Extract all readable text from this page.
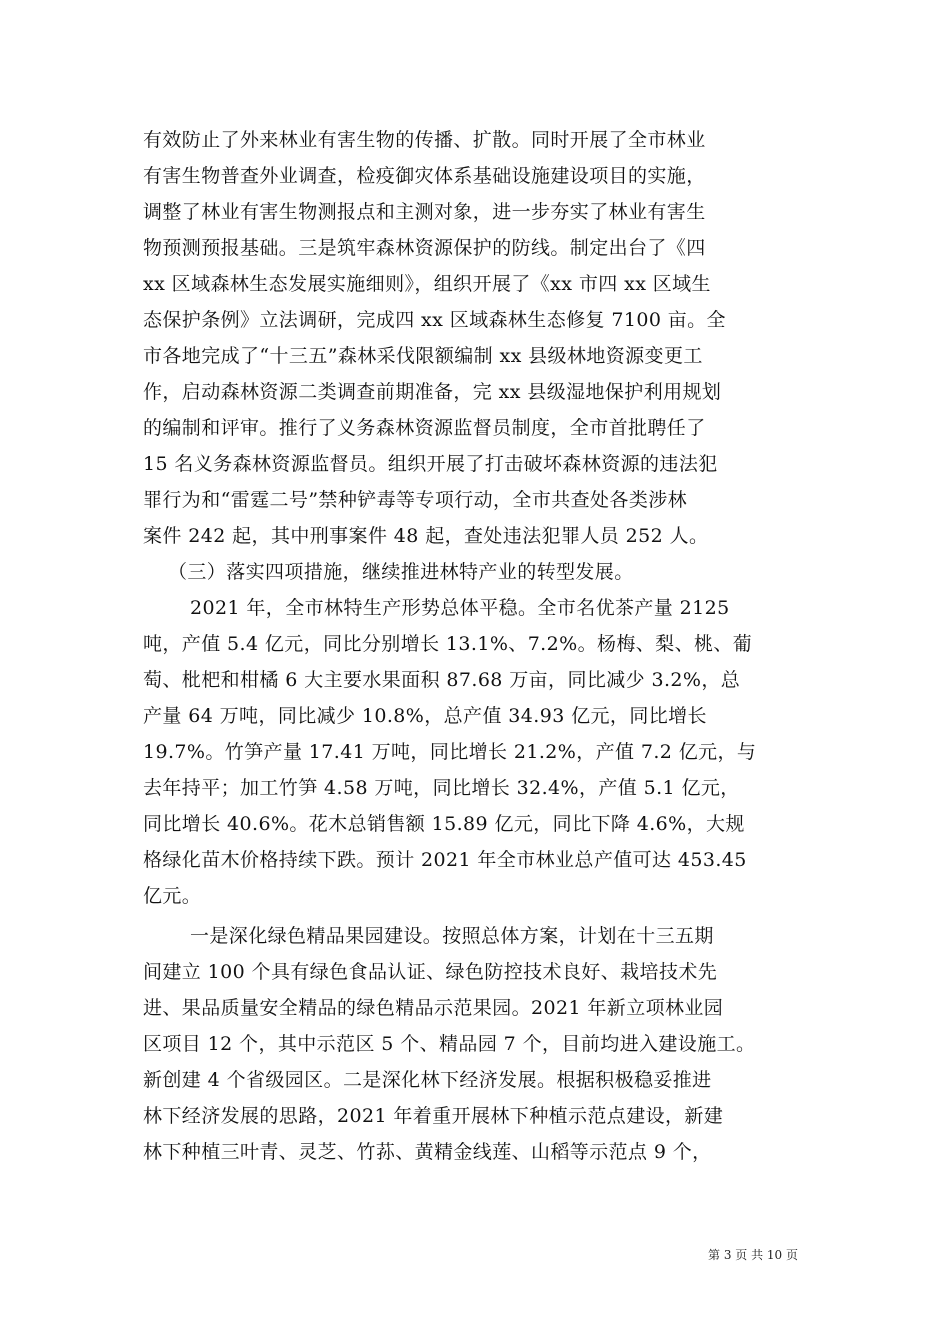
有效防止了外来林业有害生物的传播、扩散。同时开展了全市林业
有害生物普查外业调查，检疫御灾体系基础设施建设项目的实施，
调整了林业有害生物测报点和主测对象，进一步夯实了林业有害生
物预测预报基础。三是筑牢森林资源保护的防线。制定出台了《四
xx 区域森林生态发展实施细则》，组织开展了《xx 市四 xx 区域生
态保护条例》立法调研，完成四 xx 区域森林生态修复 7100 亩。全
市各地完成了“十三五”森林采伐限额编制 xx 县级林地资源变更工
作，启动森林资源二类调查前期准备，完 xx 县级湿地保护利用规划
的编制和评审。推行了义务森林资源监督员制度，全市首批聘任了
15 名义务森林资源监督员。组织开展了打击破坏森林资源的违法犯
罪行为和“雷霆二号”禁种铲毒等专项行动，全市共查处各类涉林
案件 242 起，其中刑事案件 48 起，查处违法犯罪人员 252 人。
（三）落实四项措施，继续推进林特产业的转型发展。
2021 年，全市林特生产形势总体平稳。全市名优茶产量 2125
吨，产值 5.4 亿元，同比分别增长 13.1%、7.2%。杨梅、梨、桃、葡
萄、枇杷和柑橘 6 大主要水果面积 87.68 万亩，同比减少 3.2%，总
产量 64 万吨，同比减少 10.8%，总产值 34.93 亿元，同比增长
19.7%。竹笋产量 17.41 万吨，同比增长 21.2%，产值 7.2 亿元，与
去年持平；加工竹笋 4.58 万吨，同比增长 32.4%，产值 5.1 亿元，
同比增长 40.6%。花木总销售额 15.89 亿元，同比下降 4.6%，大规
格绿化苗木价格持续下跌。预计 2021 年全市林业总产值可达 453.45
亿元。
一是深化绿色精品果园建设。按照总体方案，计划在十三五期
间建立 100 个具有绿色食品认证、绿色防控技术良好、栽培技术先
进、果品质量安全精品的绿色精品示范果园。2021 年新立项林业园
区项目 12 个，其中示范区 5 个、精品园 7 个，目前均进入建设施工。
新创建 4 个省级园区。二是深化林下经济发展。根据积极稳妥推进
林下经济发展的思路，2021 年着重开展林下种植示范点建设，新建
林下种植三叶青、灵芝、竹荪、黄精金线莲、山稻等示范点 9 个，
第 3 页 共 10 页
